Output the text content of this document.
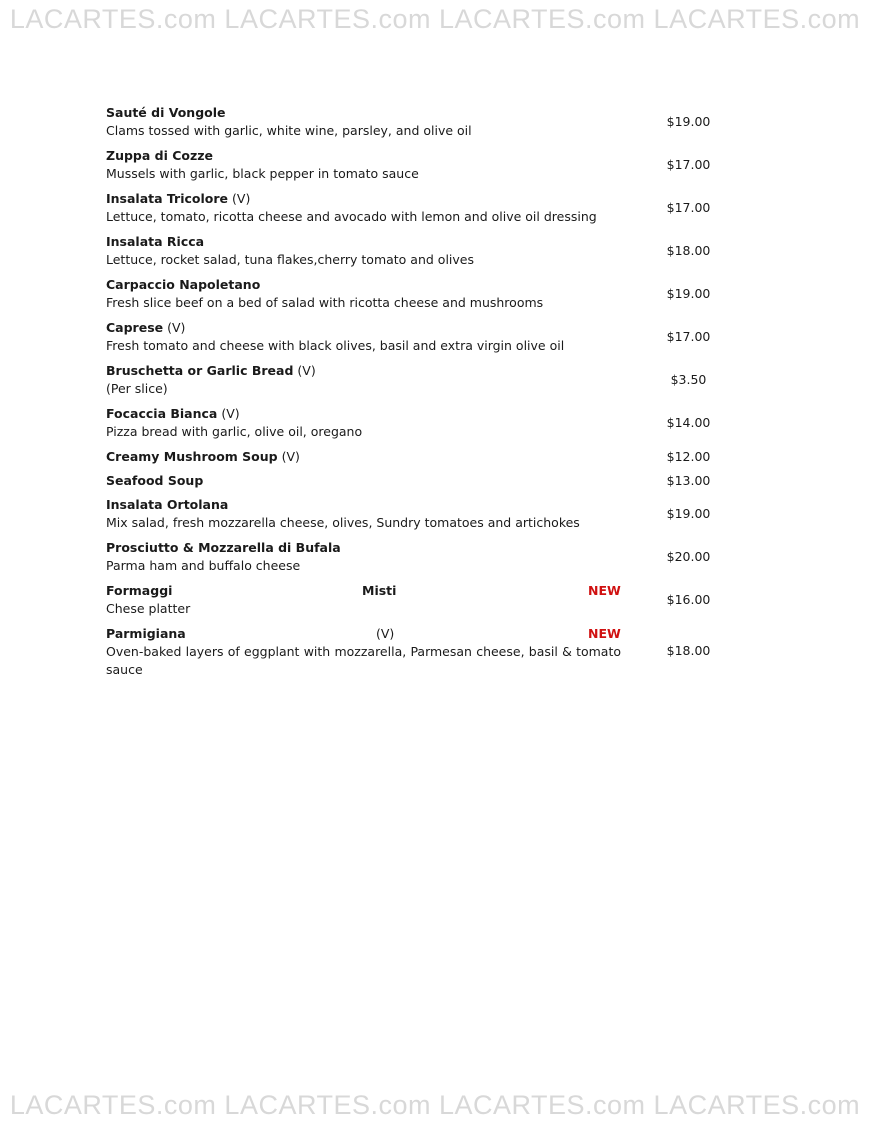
LACARTES.com LACARTES.com LACARTES.com LACARTES.com
Sauté di Vongole
Clams tossed with garlic, white wine, parsley, and olive oil
$19.00
Zuppa di Cozze
Mussels with garlic, black pepper in tomato sauce
$17.00
Insalata Tricolore (V)
Lettuce, tomato, ricotta cheese and avocado with lemon and olive oil dressing
$17.00
Insalata Ricca
Lettuce, rocket salad, tuna flakes,cherry tomato and olives
$18.00
Carpaccio Napoletano
Fresh slice beef on a bed of salad with ricotta cheese and mushrooms
$19.00
Caprese (V)
Fresh tomato and cheese with black olives, basil and extra virgin olive oil
$17.00
Bruschetta or Garlic Bread (V)
(Per slice)
$3.50
Focaccia Bianca (V)
Pizza bread with garlic, olive oil, oregano
$14.00
Creamy Mushroom Soup (V)	$12.00
Seafood Soup	$13.00
Insalata Ortolana
Mix salad, fresh mozzarella cheese, olives, Sundry tomatoes and artichokes
$19.00
Prosciutto & Mozzarella di Bufala
Parma ham and buffalo cheese
$20.00
Formaggi	Misti	NEW
Chese platter
$16.00
Parmigiana	(V)	NEW
Oven-baked layers of eggplant with mozzarella, Parmesan cheese, basil & tomato sauce
$18.00
LACARTES.com LACARTES.com LACARTES.com LACARTES.com
